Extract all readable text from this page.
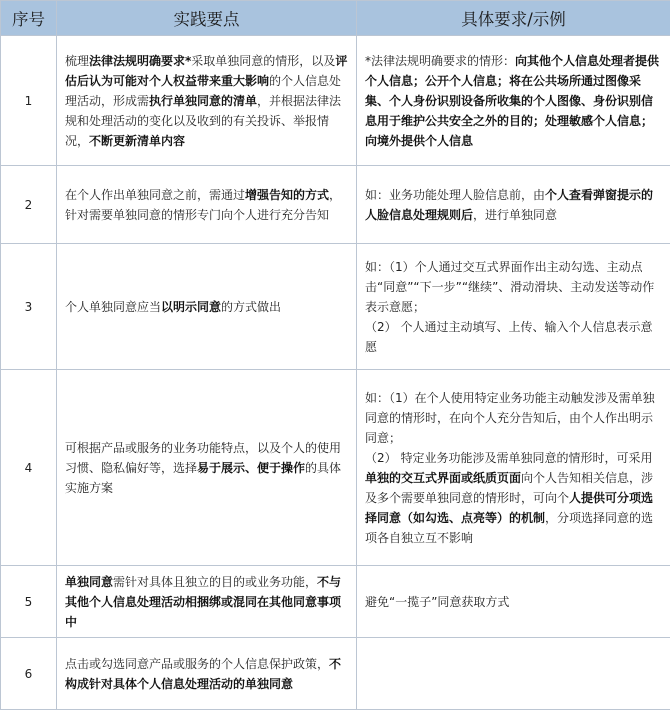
序号	实践要点	具体要求/示例
1	梳理法律法规明确要求*采取单独同意的情形，以及评估后认为可能对个人权益带来重大影响的个人信息处理活动，形成需执行单独同意的清单，并根据法律法规和处理活动的变化以及收到的有关投诉、举报情况，不断更新清单内容	*法律法规明确要求的情形：向其他个人信息处理者提供个人信息；公开个人信息；将在公共场所通过图像采集、个人身份识别设备所收集的个人图像、身份识别信息用于维护公共安全之外的目的；处理敏感个人信息；向境外提供个人信息

2	在个人作出单独同意之前，需通过增强告知的方式，针对需要单独同意的情形专门向个人进行充分告知	如：业务功能处理人脸信息前，由个人查看弹窗提示的人脸信息处理规则后，进行单独同意

3	个人单独同意应当以明示同意的方式做出	如：（1）个人通过交互式界面作出主动勾选、主动点击“同意”“下一步”“继续”、滑动滑块、主动发送等动作表示意愿；
（2） 个人通过主动填写、上传、输入个人信息表示意愿

4	可根据产品或服务的业务功能特点，以及个人的使用习惯、隐私偏好等，选择易于展示、便于操作的具体实施方案	如：（1）在个人使用特定业务功能主动触发涉及需单独同意的情形时，在向个人充分告知后，由个人作出明示同意；
（2） 特定业务功能涉及需单独同意的情形时，可采用单独的交互式界面或纸质页面向个人告知相关信息，涉及多个需要单独同意的情形时，可向个人提供可分项选择同意（如勾选、点亮等）的机制，分项选择同意的选项各自独立互不影响

5	单独同意需针对具体且独立的目的或业务功能，不与其他个人信息处理活动相捆绑或混同在其他同意事项中	避免“一揽子”同意获取方式

6	点击或勾选同意产品或服务的个人信息保护政策，不构成针对具体个人信息处理活动的单独同意	
